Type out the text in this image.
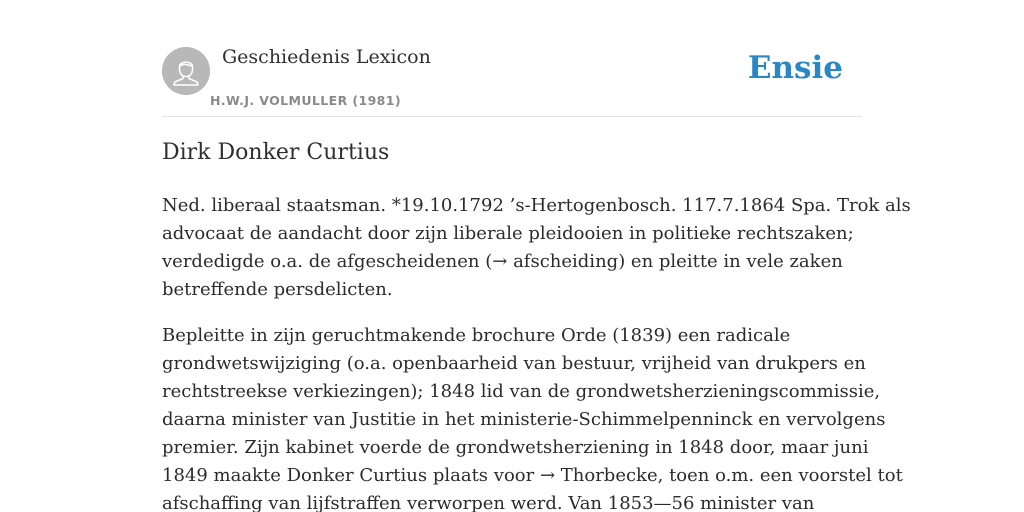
Geschiedenis Lexicon
H.W.J. VOLMULLER (1981)
Ensie
Dirk Donker Curtius

Ned. liberaal staatsman. *19.10.1792 ’s-Hertogenbosch. 117.7.1864 Spa. Trok als
advocaat de aandacht door zijn liberale pleidooien in politieke rechtszaken;
verdedigde o.a. de afgescheidenen (→ afscheiding) en pleitte in vele zaken
betreffende persdelicten.

Bepleitte in zijn geruchtmakende brochure Orde (1839) een radicale
grondwetswijziging (o.a. openbaarheid van bestuur, vrijheid van drukpers en
rechtstreekse verkiezingen); 1848 lid van de grondwetsherzieningscommissie,
daarna minister van Justitie in het ministerie-Schimmelpenninck en vervolgens
premier. Zijn kabinet voerde de grondwetsherziening in 1848 door, maar juni
1849 maakte Donker Curtius plaats voor → Thorbecke, toen o.m. een voorstel tot
afschaffing van lijfstraffen verworpen werd. Van 1853—56 minister van
